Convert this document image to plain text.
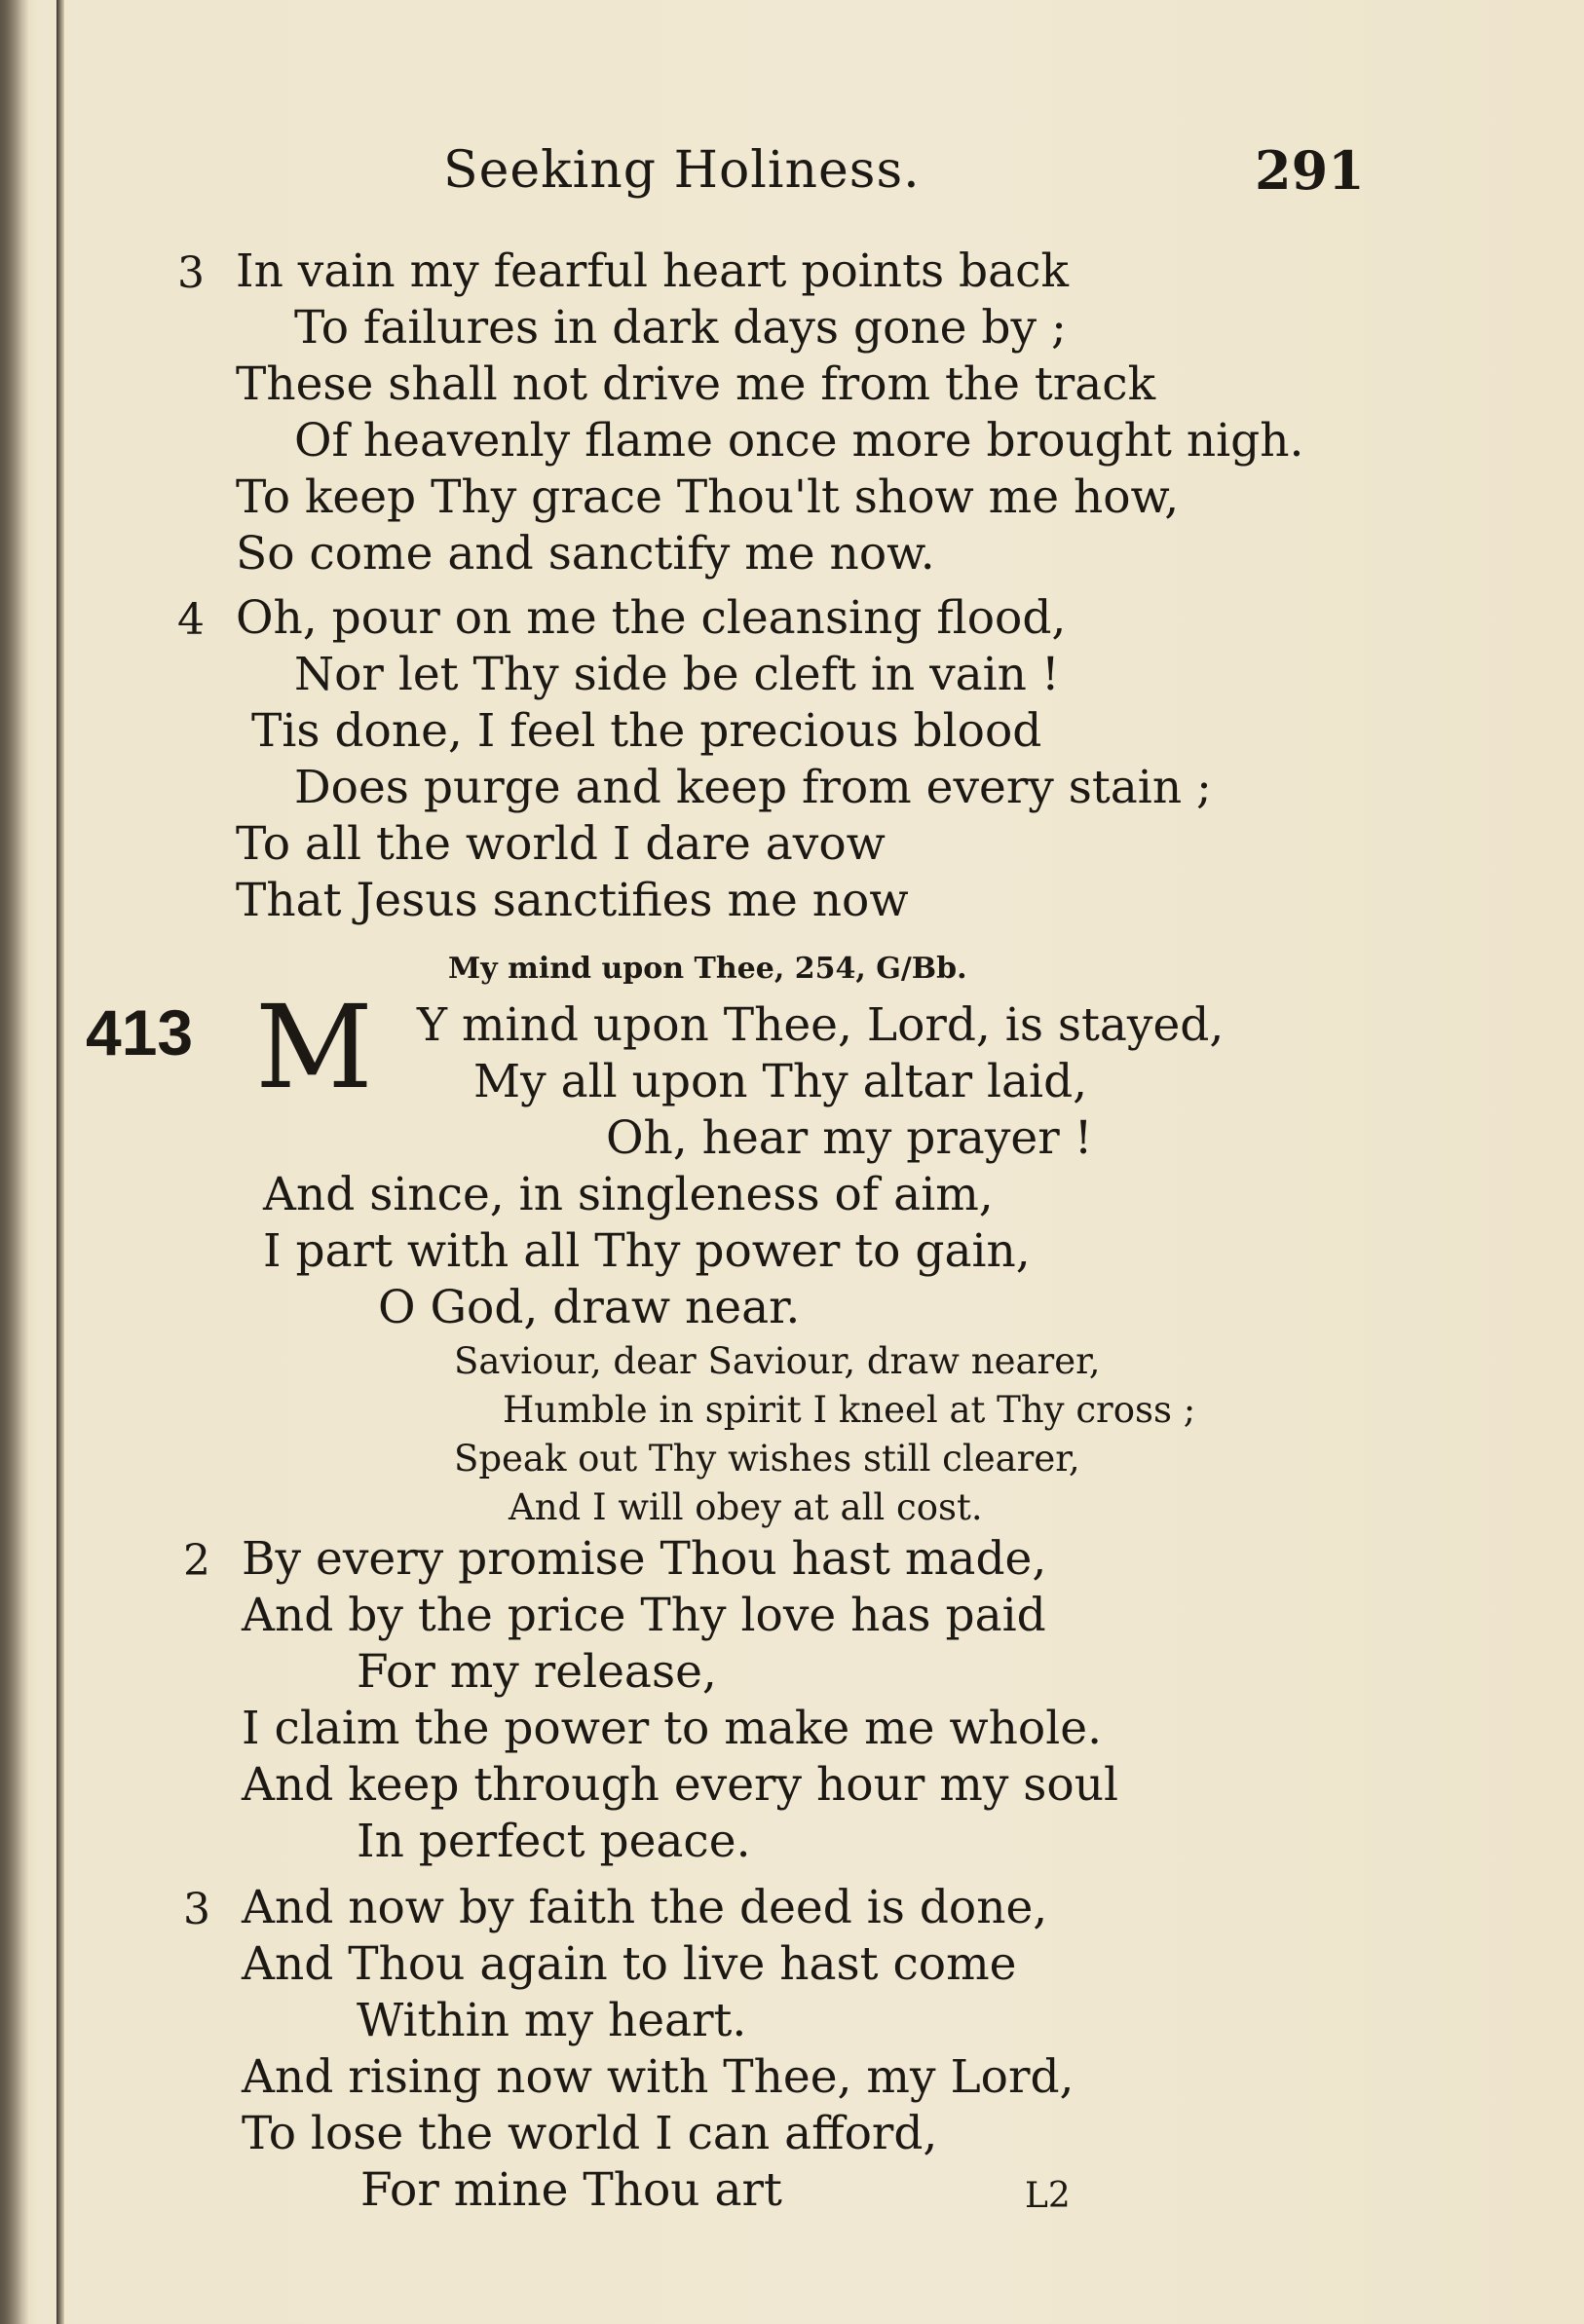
Seeking Holiness.	291
3 In vain my fearful heart points back
To failures in dark days gone by ;
These shall not drive me from the track
Of heavenly flame once more brought nigh.
To keep Thy grace Thou'lt show me how,
So come and sanctify me now.
4 Oh, pour on me the cleansing flood,
Nor let Thy side be cleft in vain !
Tis done, I feel the precious blood
Does purge and keep from every stain ;
To all the world I dare avow
That Jesus sanctifies me now
My mind upon Thee, 254, G/Bb.
413 M Y mind upon Thee, Lord, is stayed,
My all upon Thy altar laid,
Oh, hear my prayer !
And since, in singleness of aim,
I part with all Thy power to gain,
O God, draw near.
Saviour, dear Saviour, draw nearer,
Humble in spirit I kneel at Thy cross ;
Speak out Thy wishes still clearer,
And I will obey at all cost.
2 By every promise Thou hast made,
And by the price Thy love has paid
For my release,
I claim the power to make me whole.
And keep through every hour my soul
In perfect peace.
3 And now by faith the deed is done,
And Thou again to live hast come
Within my heart.
And rising now with Thee, my Lord,
To lose the world I can afford,
For mine Thou art	L2
